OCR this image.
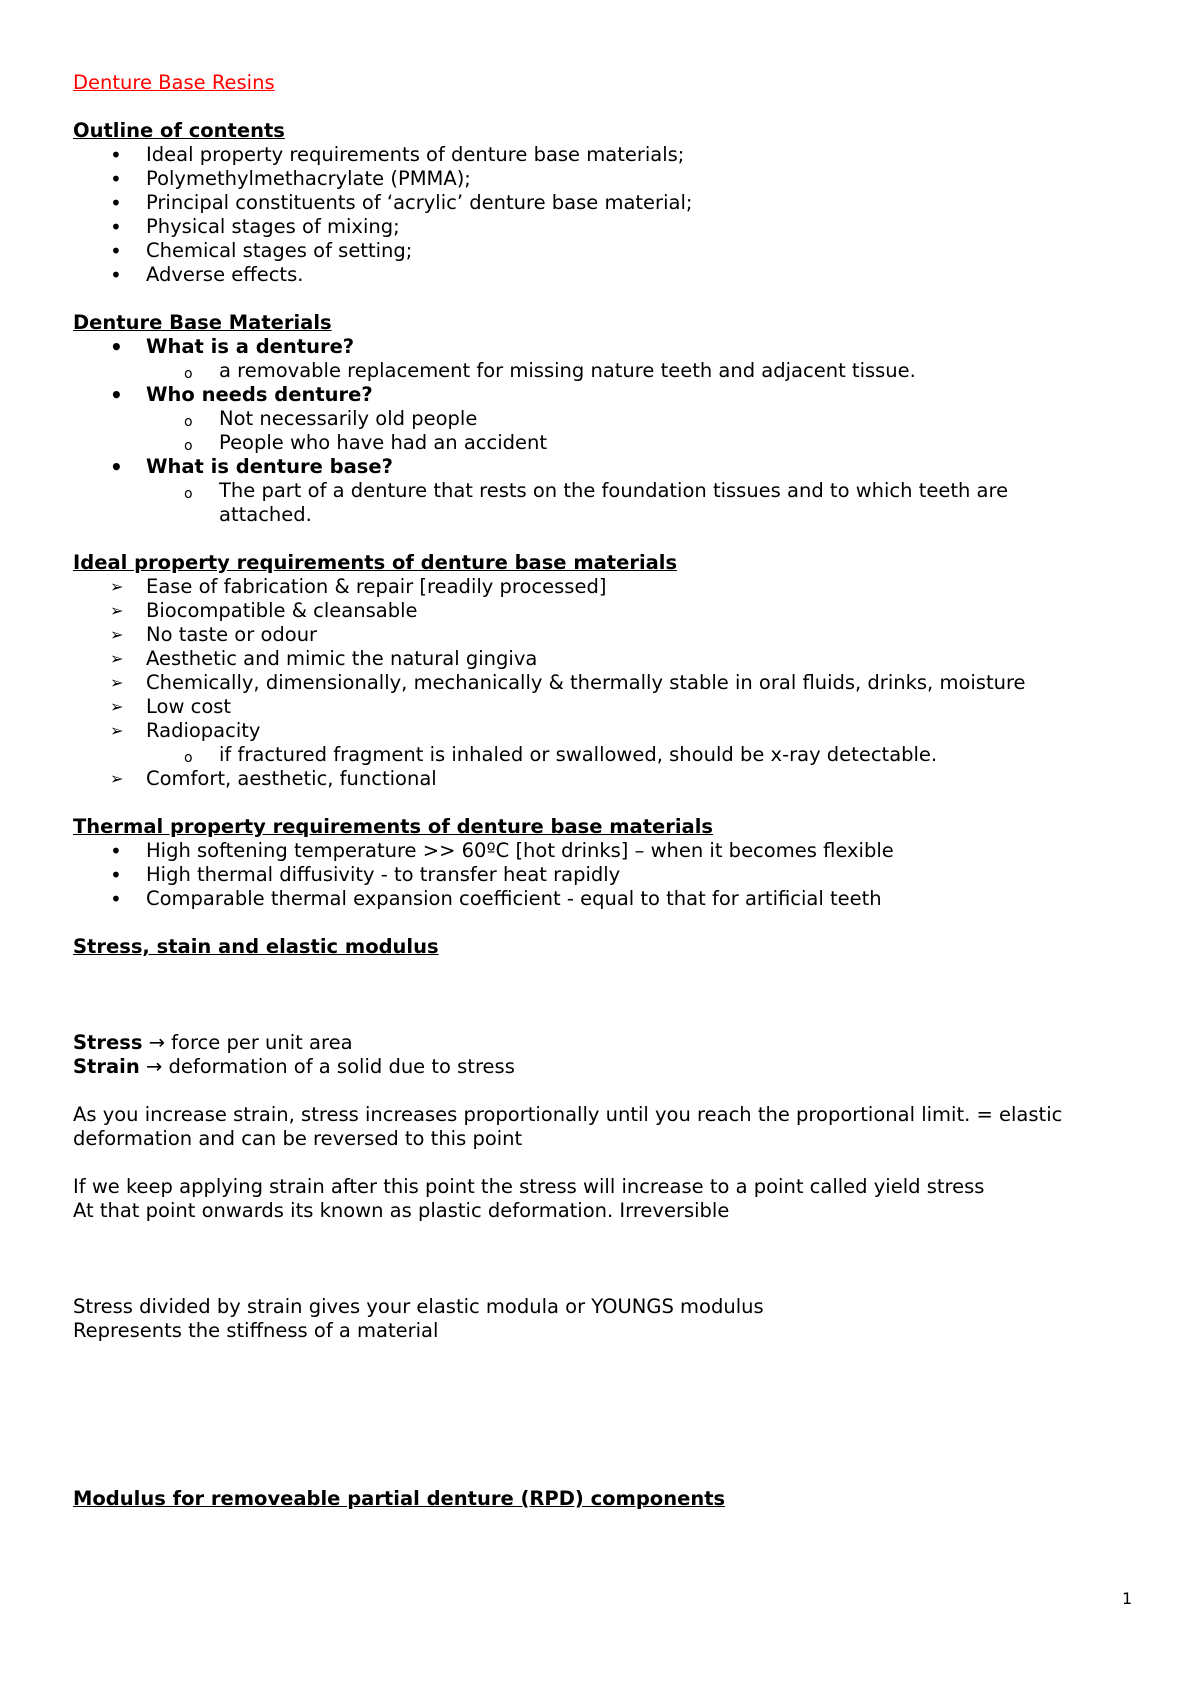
Denture Base Resins
Outline of contents
• Ideal property requirements of denture base materials;
• Polymethylmethacrylate (PMMA);
• Principal constituents of ‘acrylic’ denture base material;
• Physical stages of mixing;
• Chemical stages of setting;
• Adverse effects.
Denture Base Materials
• What is a denture?
o a removable replacement for missing nature teeth and adjacent tissue.
• Who needs denture?
o Not necessarily old people
o People who have had an accident
• What is denture base?
o The part of a denture that rests on the foundation tissues and to which teeth are attached.
Ideal property requirements of denture base materials
➢ Ease of fabrication & repair [readily processed]
➢ Biocompatible & cleansable
➢ No taste or odour
➢ Aesthetic and mimic the natural gingiva
➢ Chemically, dimensionally, mechanically & thermally stable in oral fluids, drinks, moisture
➢ Low cost
➢ Radiopacity
o if fractured fragment is inhaled or swallowed, should be x-ray detectable.
➢ Comfort, aesthetic, functional
Thermal property requirements of denture base materials
• High softening temperature >> 60ºC [hot drinks] – when it becomes flexible
• High thermal diffusivity - to transfer heat rapidly
• Comparable thermal expansion coefficient - equal to that for artificial teeth
Stress, stain and elastic modulus

Stress → force per unit area

Strain → deformation of a solid due to stress

As you increase strain, stress increases proportionally until you reach the proportional limit. = elastic deformation and can be reversed to this point

If we keep applying strain after this point the stress will increase to a point called yield stress

At that point onwards its known as plastic deformation. Irreversible

Stress divided by strain gives your elastic modula or YOUNGS modulus

Represents the stiffness of a material

Modulus for removeable partial denture (RPD) components
1
